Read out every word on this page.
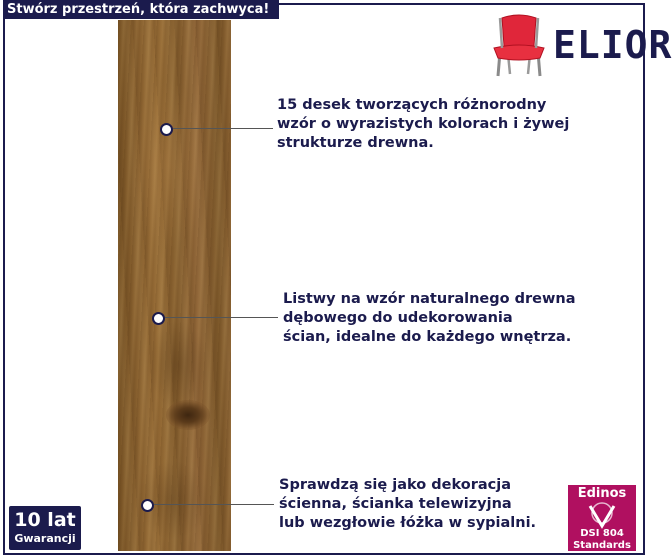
Stwórz przestrzeń, która zachwyca!
ELIOR
15 desek tworzących różnorodny
wzór o wyrazistych kolorach i żywej
strukturze drewna.
Listwy na wzór naturalnego drewna
dębowego do udekorowania
ścian, idealne do każdego wnętrza.
Sprawdzą się jako dekoracja
ścienna, ścianka telewizyjna
lub wezgłowie łóżka w sypialni.
10 lat
Gwarancji
Edinos
DSI 804
Standards
